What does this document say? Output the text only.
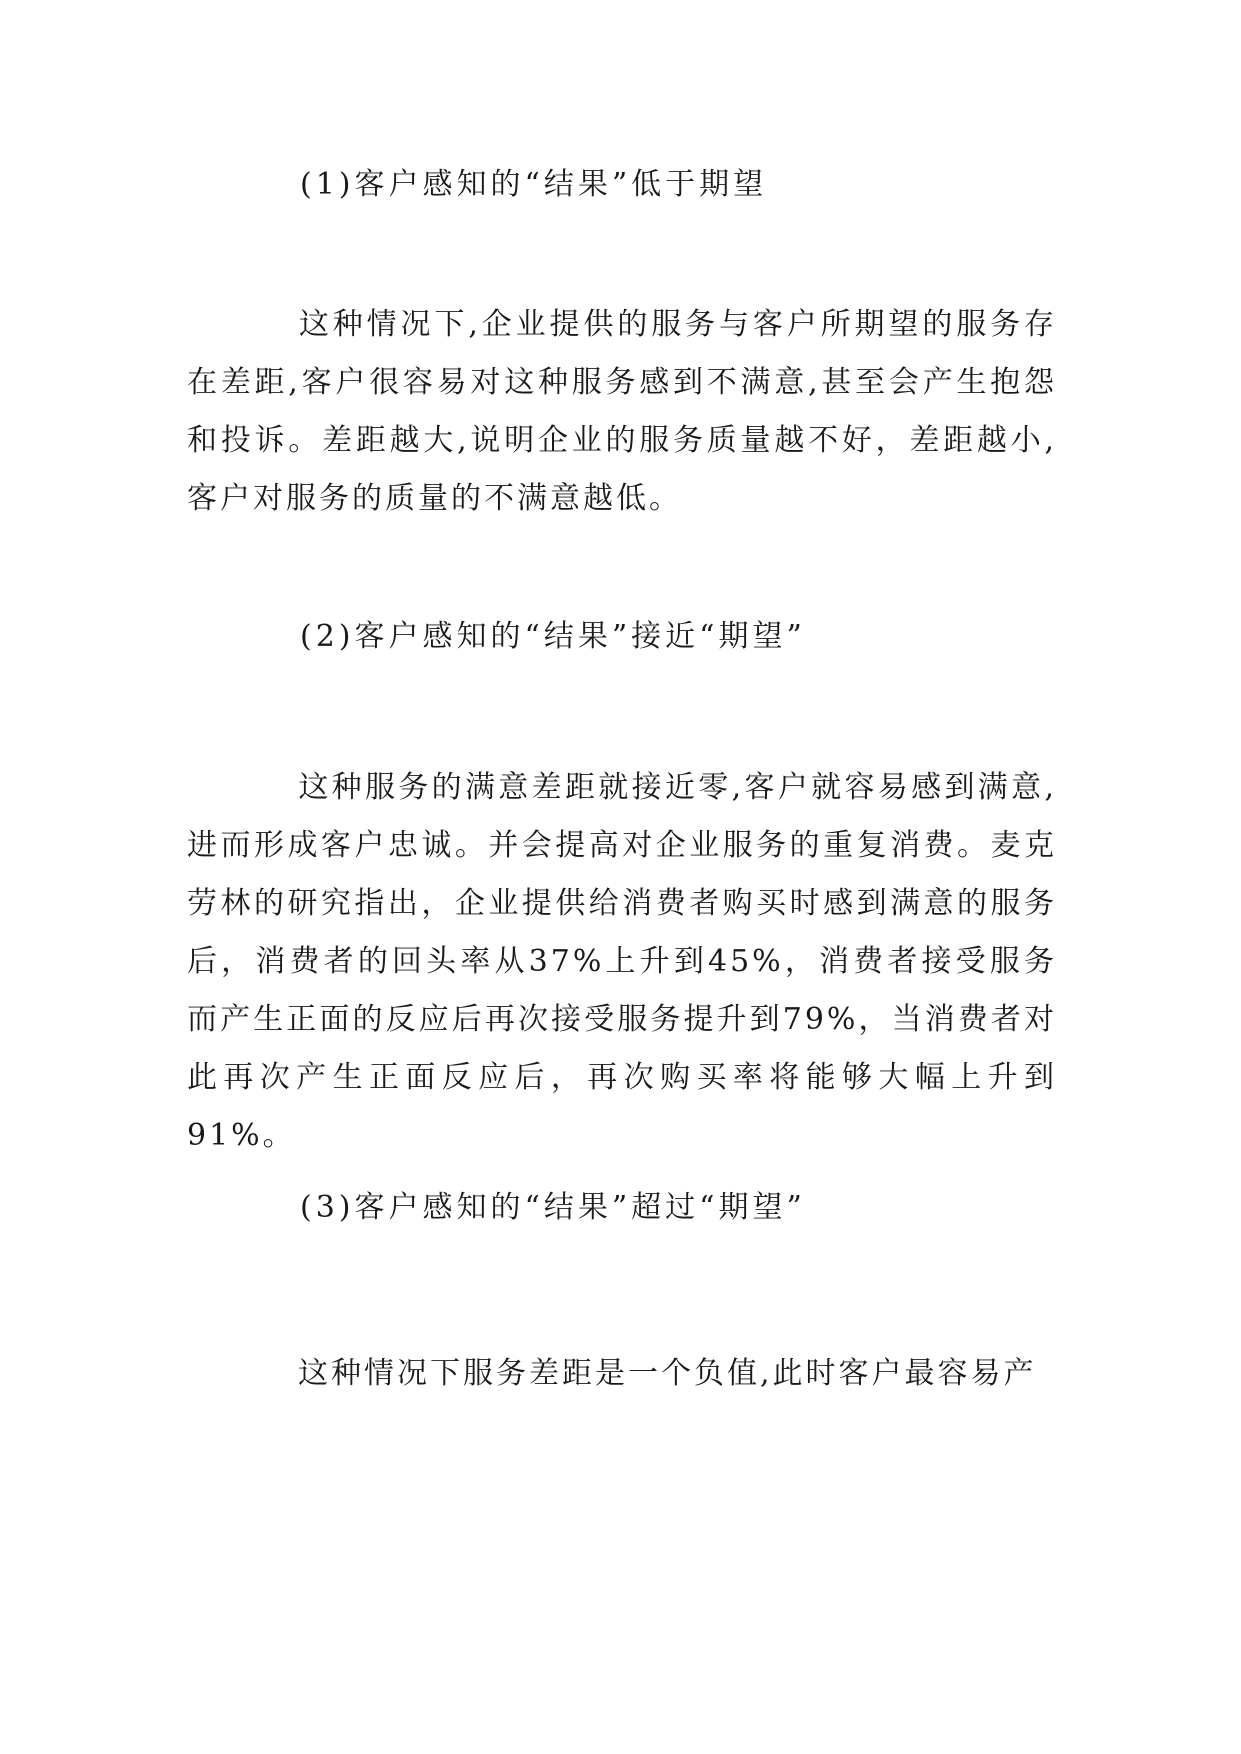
(1)客户感知的“结果”低于期望

这种情况下,企业提供的服务与客户所期望的服务存在差距,客户很容易对这种服务感到不满意,甚至会产生抱怨和投诉。差距越大,说明企业的服务质量越不好，差距越小,客户对服务的质量的不满意越低。

(2)客户感知的“结果”接近“期望”

这种服务的满意差距就接近零,客户就容易感到满意,进而形成客户忠诚。并会提高对企业服务的重复消费。麦克劳林的研究指出，企业提供给消费者购买时感到满意的服务后，消费者的回头率从37%上升到45%，消费者接受服务而产生正面的反应后再次接受服务提升到79%，当消费者对此再次产生正面反应后，再次购买率将能够大幅上升到91%。

(3)客户感知的“结果”超过“期望”

这种情况下服务差距是一个负值,此时客户最容易产
